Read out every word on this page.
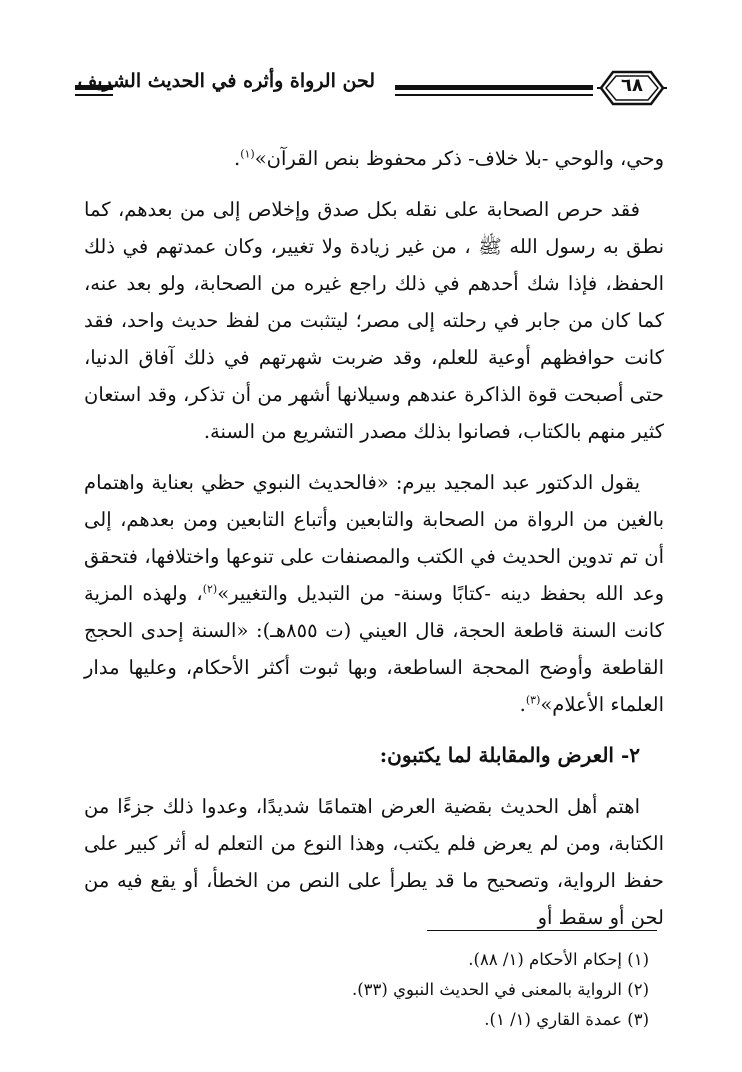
لحن الرواة وأثره في الحديث الشريف	٦٨

وحي، والوحي -بلا خلاف- ذكر محفوظ بنص القرآن»$^{(١)}$.

فقد حرص الصحابة على نقله بكل صدق وإخلاص إلى من بعدهم، كما نطق به رسول الله ﷺ ، من غير زيادة ولا تغيير، وكان عمدتهم في ذلك الحفظ، فإذا شك أحدهم في ذلك راجع غيره من الصحابة، ولو بعد عنه، كما كان من جابر في رحلته إلى مصر؛ ليتثبت من لفظ حديث واحد، فقد كانت حوافظهم أوعية للعلم، وقد ضربت شهرتهم في ذلك آفاق الدنيا، حتى أصبحت قوة الذاكرة عندهم وسيلانها أشهر من أن تذكر، وقد استعان كثير منهم بالكتاب، فصانوا بذلك مصدر التشريع من السنة.

يقول الدكتور عبد المجيد بيرم: «فالحديث النبوي حظي بعناية واهتمام بالغين من الرواة من الصحابة والتابعين وأتباع التابعين ومن بعدهم، إلى أن تم تدوين الحديث في الكتب والمصنفات على تنوعها واختلافها، فتحقق وعد الله بحفظ دينه -كتابًا وسنة- من التبديل والتغيير»$^{(٢)}$، ولهذه المزية كانت السنة قاطعة الحجة، قال العيني (ت ٨٥٥هـ): «السنة إحدى الحجج القاطعة وأوضح المحجة الساطعة، وبها ثبوت أكثر الأحكام، وعليها مدار العلماء الأعلام»$^{(٣)}$.

٢- العرض والمقابلة لما يكتبون:

اهتم أهل الحديث بقضية العرض اهتمامًا شديدًا، وعدوا ذلك جزءًا من الكتابة، ومن لم يعرض فلم يكتب، وهذا النوع من التعلم له أثر كبير على حفظ الرواية، وتصحيح ما قد يطرأ على النص من الخطأ، أو يقع فيه من لحن أو سقط أو

(١) إحكام الأحكام (١/ ٨٨).
(٢) الرواية بالمعنى في الحديث النبوي (٣٣).
(٣) عمدة القاري (١/ ١).
